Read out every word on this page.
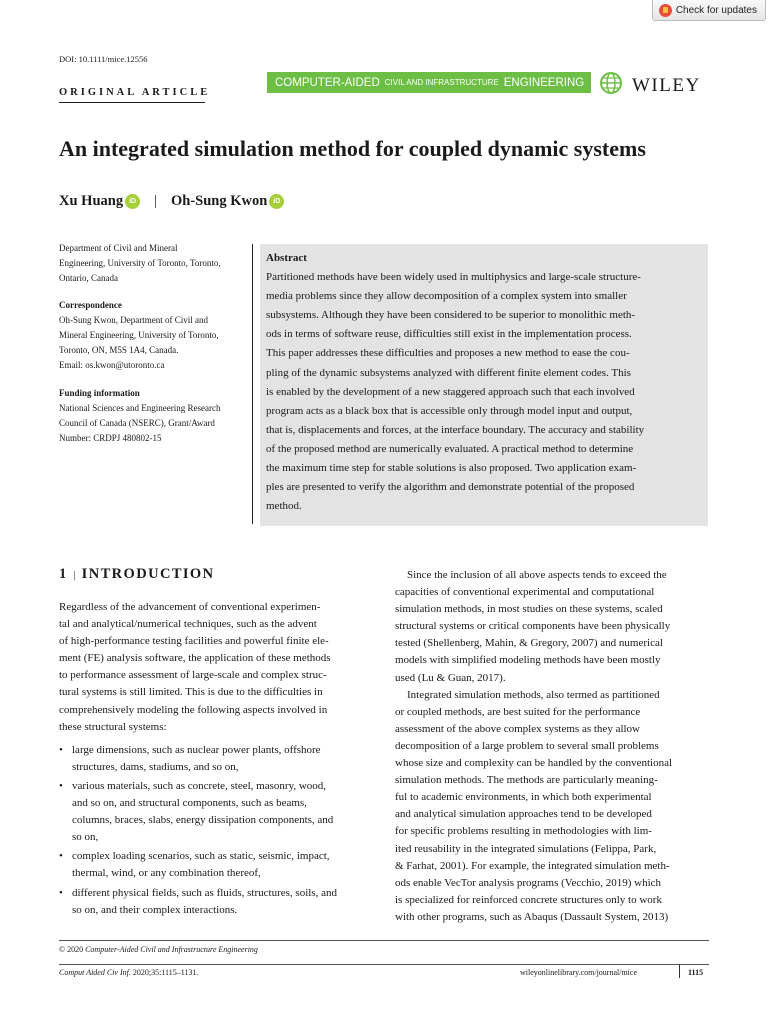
Check for updates
DOI: 10.1111/mice.12556
ORIGINAL ARTICLE
COMPUTER-AIDED CIVIL AND INFRASTRUCTURE ENGINEERING	WILEY
An integrated simulation method for coupled dynamic systems
Xu Huang iD | Oh-Sung Kwon iD
Department of Civil and Mineral
Engineering, University of Toronto, Toronto,
Ontario, Canada
Correspondence
Oh-Sung Kwon, Department of Civil and
Mineral Engineering, University of Toronto,
Toronto, ON, M5S 1A4, Canada.
Email: os.kwon@utoronto.ca
Funding information
National Sciences and Engineering Research
Council of Canada (NSERC), Grant/Award
Number: CRDPJ 480802-15
Abstract
Partitioned methods have been widely used in multiphysics and large-scale structure-
media problems since they allow decomposition of a complex system into smaller
subsystems. Although they have been considered to be superior to monolithic meth-
ods in terms of software reuse, difficulties still exist in the implementation process.
This paper addresses these difficulties and proposes a new method to ease the cou-
pling of the dynamic subsystems analyzed with different finite element codes. This
is enabled by the development of a new staggered approach such that each involved
program acts as a black box that is accessible only through model input and output,
that is, displacements and forces, at the interface boundary. The accuracy and stability
of the proposed method are numerically evaluated. A practical method to determine
the maximum time step for stable solutions is also proposed. Two application exam-
ples are presented to verify the algorithm and demonstrate potential of the proposed
method.
1 | INTRODUCTION
Regardless of the advancement of conventional experimen-
tal and analytical/numerical techniques, such as the advent
of high-performance testing facilities and powerful finite ele-
ment (FE) analysis software, the application of these methods
to performance assessment of large-scale and complex struc-
tural systems is still limited. This is due to the difficulties in
comprehensively modeling the following aspects involved in
these structural systems:
• large dimensions, such as nuclear power plants, offshore
structures, dams, stadiums, and so on,
• various materials, such as concrete, steel, masonry, wood,
and so on, and structural components, such as beams,
columns, braces, slabs, energy dissipation components, and
so on,
• complex loading scenarios, such as static, seismic, impact,
thermal, wind, or any combination thereof,
• different physical fields, such as fluids, structures, soils, and
so on, and their complex interactions.
Since the inclusion of all above aspects tends to exceed the
capacities of conventional experimental and computational
simulation methods, in most studies on these systems, scaled
structural systems or critical components have been physically
tested (Shellenberg, Mahin, & Gregory, 2007) and numerical
models with simplified modeling methods have been mostly
used (Lu & Guan, 2017).
Integrated simulation methods, also termed as partitioned
or coupled methods, are best suited for the performance
assessment of the above complex systems as they allow
decomposition of a large problem to several small problems
whose size and complexity can be handled by the conventional
simulation methods. The methods are particularly meaning-
ful to academic environments, in which both experimental
and analytical simulation approaches tend to be developed
for specific problems resulting in methodologies with lim-
ited reusability in the integrated simulations (Felippa, Park,
& Farhat, 2001). For example, the integrated simulation meth-
ods enable VecTor analysis programs (Vecchio, 2019) which
is specialized for reinforced concrete structures only to work
with other programs, such as Abaqus (Dassault System, 2013)
© 2020 Computer-Aided Civil and Infrastructure Engineering
Comput Aided Civ Inf. 2020;35:1115–1131.	wileyonlinelibrary.com/journal/mice	1115
